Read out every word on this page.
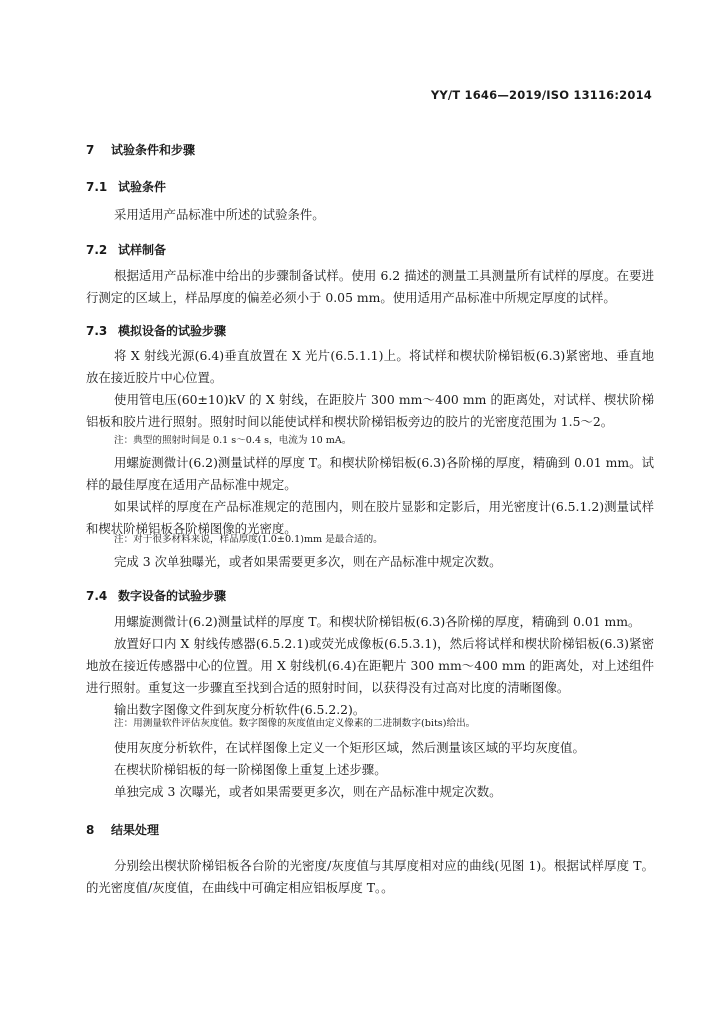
YY/T 1646—2019/ISO 13116:2014
7 试验条件和步骤
7.1 试验条件
采用适用产品标准中所述的试验条件。
7.2 试样制备
根据适用产品标准中给出的步骤制备试样。使用 6.2 描述的测量工具测量所有试样的厚度。在要进行测定的区域上，样品厚度的偏差必须小于 0.05 mm。使用适用产品标准中所规定厚度的试样。
7.3 模拟设备的试验步骤
将 X 射线光源(6.4)垂直放置在 X 光片(6.5.1.1)上。将试样和楔状阶梯铝板(6.3)紧密地、垂直地放在接近胶片中心位置。
使用管电压(60±10)kV 的 X 射线，在距胶片 300 mm～400 mm 的距离处，对试样、楔状阶梯铝板和胶片进行照射。照射时间以能使试样和楔状阶梯铝板旁边的胶片的光密度范围为 1.5～2。
注：典型的照射时间是 0.1 s～0.4 s，电流为 10 mA。
用螺旋测微计(6.2)测量试样的厚度 T。和楔状阶梯铝板(6.3)各阶梯的厚度，精确到 0.01 mm。试样的最佳厚度在适用产品标准中规定。
如果试样的厚度在产品标准规定的范围内，则在胶片显影和定影后，用光密度计(6.5.1.2)测量试样和楔状阶梯铝板各阶梯图像的光密度。
注：对于很多材料来说，样品厚度(1.0±0.1)mm 是最合适的。
完成 3 次单独曝光，或者如果需要更多次，则在产品标准中规定次数。
7.4 数字设备的试验步骤
用螺旋测微计(6.2)测量试样的厚度 T。和楔状阶梯铝板(6.3)各阶梯的厚度，精确到 0.01 mm。
放置好口内 X 射线传感器(6.5.2.1)或荧光成像板(6.5.3.1)，然后将试样和楔状阶梯铝板(6.3)紧密地放在接近传感器中心的位置。用 X 射线机(6.4)在距靶片 300 mm～400 mm 的距离处，对上述组件进行照射。重复这一步骤直至找到合适的照射时间，以获得没有过高对比度的清晰图像。
输出数字图像文件到灰度分析软件(6.5.2.2)。
注：用测量软件评估灰度值。数字图像的灰度值由定义像素的二进制数字(bits)给出。
使用灰度分析软件，在试样图像上定义一个矩形区域，然后测量该区域的平均灰度值。
在楔状阶梯铝板的每一阶梯图像上重复上述步骤。
单独完成 3 次曝光，或者如果需要更多次，则在产品标准中规定次数。
8 结果处理
分别绘出楔状阶梯铝板各台阶的光密度/灰度值与其厚度相对应的曲线(见图 1)。根据试样厚度 T。的光密度值/灰度值，在曲线中可确定相应铝板厚度 T。。
